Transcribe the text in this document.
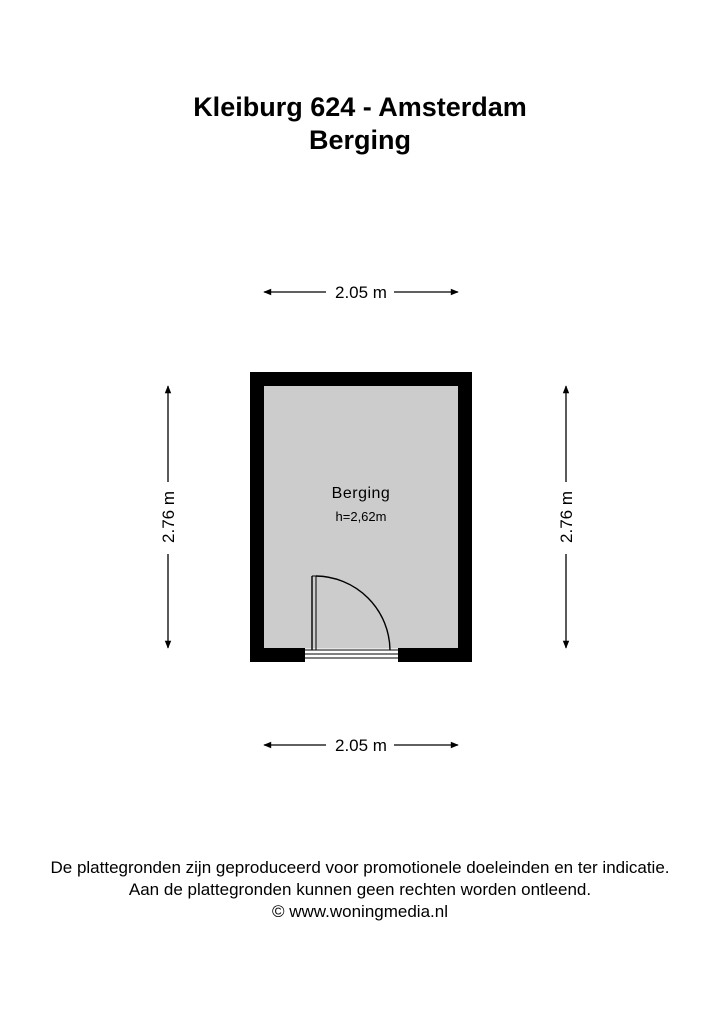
Kleiburg 624 - Amsterdam
Berging
2.05 m
2.05 m
2.76 m	2.76 m
Berging
h=2,62m
De plattegronden zijn geproduceerd voor promotionele doeleinden en ter indicatie.
Aan de plattegronden kunnen geen rechten worden ontleend.
© www.woningmedia.nl
